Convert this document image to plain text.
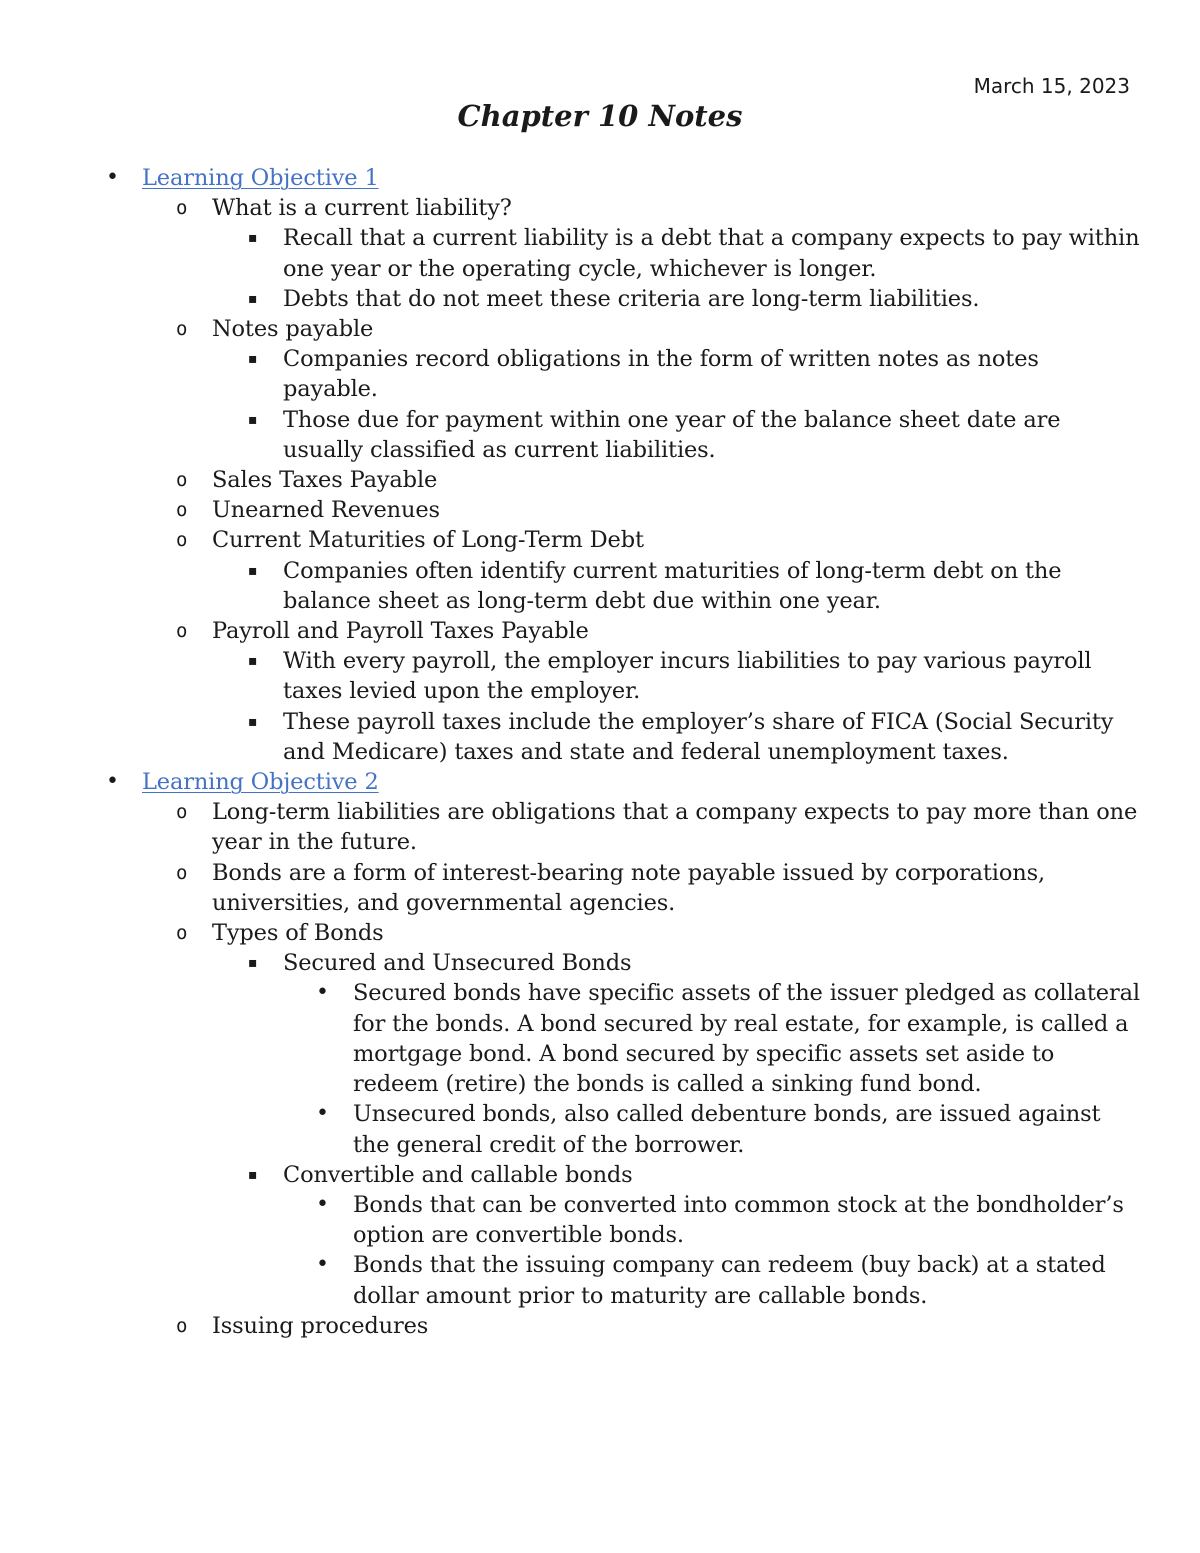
March 15, 2023
Chapter 10 Notes
• Learning Objective 1
o What is a current liability?
▪ Recall that a current liability is a debt that a company expects to pay within one year or the operating cycle, whichever is longer.
▪ Debts that do not meet these criteria are long-term liabilities.
o Notes payable
▪ Companies record obligations in the form of written notes as notes payable.
▪ Those due for payment within one year of the balance sheet date are usually classified as current liabilities.
o Sales Taxes Payable
o Unearned Revenues
o Current Maturities of Long-Term Debt
▪ Companies often identify current maturities of long-term debt on the balance sheet as long-term debt due within one year.
o Payroll and Payroll Taxes Payable
▪ With every payroll, the employer incurs liabilities to pay various payroll taxes levied upon the employer.
▪ These payroll taxes include the employer’s share of FICA (Social Security and Medicare) taxes and state and federal unemployment taxes.
• Learning Objective 2
o Long-term liabilities are obligations that a company expects to pay more than one year in the future.
o Bonds are a form of interest-bearing note payable issued by corporations, universities, and governmental agencies.
o Types of Bonds
▪ Secured and Unsecured Bonds
• Secured bonds have specific assets of the issuer pledged as collateral for the bonds. A bond secured by real estate, for example, is called a mortgage bond. A bond secured by specific assets set aside to redeem (retire) the bonds is called a sinking fund bond.
• Unsecured bonds, also called debenture bonds, are issued against the general credit of the borrower.
▪ Convertible and callable bonds
• Bonds that can be converted into common stock at the bondholder’s option are convertible bonds.
• Bonds that the issuing company can redeem (buy back) at a stated dollar amount prior to maturity are callable bonds.
o Issuing procedures
